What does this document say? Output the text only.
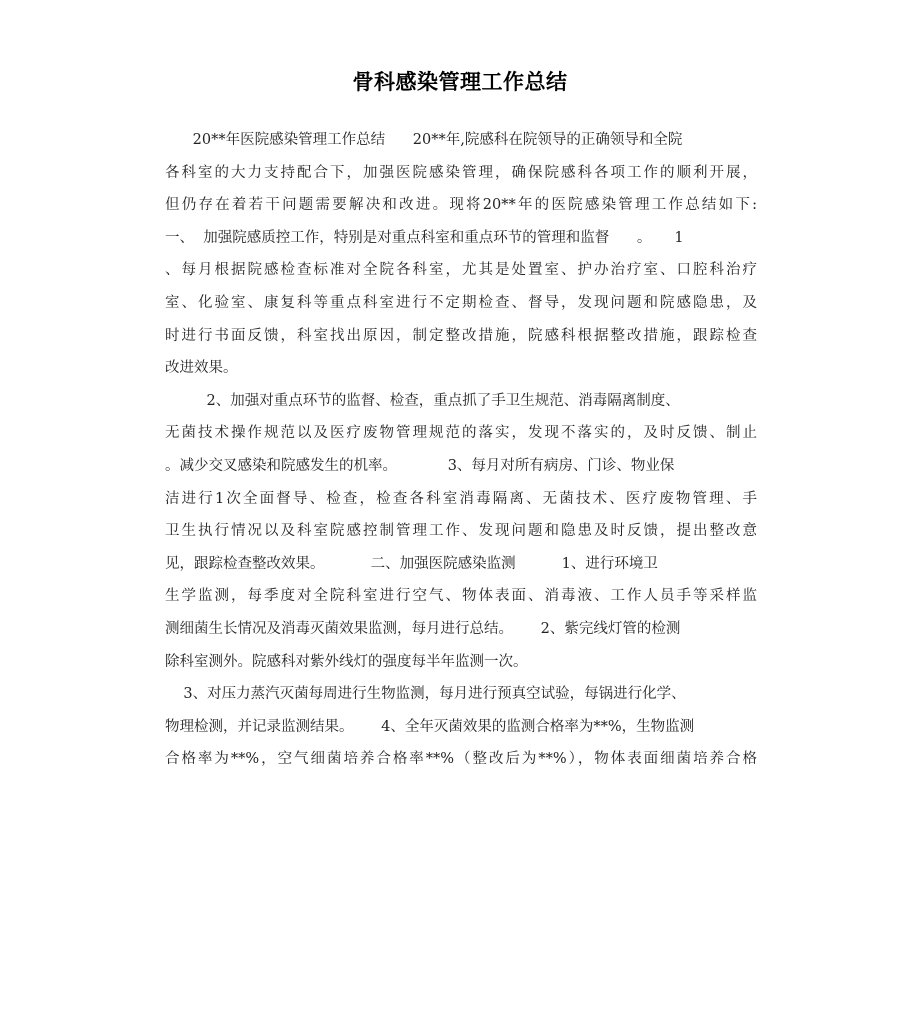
骨科感染管理工作总结
20**年医院感染管理工作总结      20**年,院感科在院领导的正确领导和全院
各科室的大力支持配合下，加强医院感染管理，确保院感科各项工作的顺利开展，
但仍存在着若干问题需要解决和改进。现将20**年的医院感染管理工作总结如下:
一、  加强院感质控工作，特别是对重点科室和重点环节的管理和监督      。     1
、每月根据院感检查标准对全院各科室，尤其是处置室、护办治疗室、口腔科治疗
室、化验室、康复科等重点科室进行不定期检查、督导，发现问题和院感隐患，及
时进行书面反馈，科室找出原因，制定整改措施，院感科根据整改措施，跟踪检查
改进效果。
2、加强对重点环节的监督、检查，重点抓了手卫生规范、消毒隔离制度、
无菌技术操作规范以及医疗废物管理规范的落实，发现不落实的，及时反馈、制止
。减少交叉感染和院感发生的机率。           3、每月对所有病房、门诊、物业保
洁进行1次全面督导、检查，检查各科室消毒隔离、无菌技术、医疗废物管理、手
卫生执行情况以及科室院感控制管理工作、发现问题和隐患及时反馈，提出整改意
见，跟踪检查整改效果。          二、加强医院感染监测          1、进行环境卫
生学监测，每季度对全院科室进行空气、物体表面、消毒液、工作人员手等采样监
测细菌生长情况及消毒灭菌效果监测，每月进行总结。      2、紫完线灯管的检测
除科室测外。院感科对紫外线灯的强度每半年监测一次。
3、对压力蒸汽灭菌每周进行生物监测，每月进行预真空试验，每锅进行化学、
物理检测，并记录监测结果。      4、全年灭菌效果的监测合格率为**%，生物监测
合格率为**%，空气细菌培养合格率**%（整改后为**%），物体表面细菌培养合格
